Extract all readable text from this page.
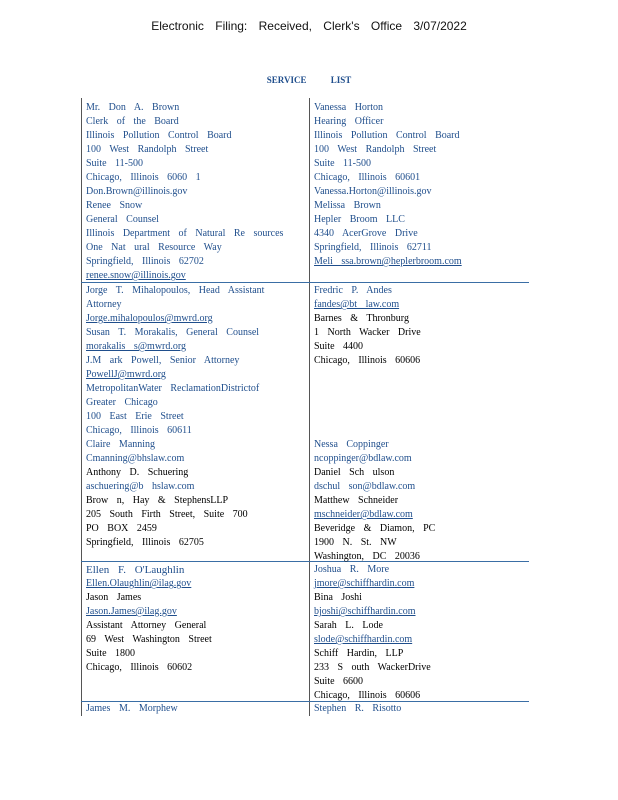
Electronic Filing: Received, Clerk's Office 3/07/2022
SERVICE LIST
Mr. Don A. Brown
Clerk of the Board
Illinois Pollution Control Board
100 West Randolph Street
Suite 11-500
Chicago, Illinois 6060 1
Don.Brown@illinois.gov
Renee Snow
General Counsel
Illinois Department of Natural Re sources
One Nat ural Resource Way
Springfield, Illinois 62702
renee.snow@illinois.gov
Vanessa Horton
Hearing Officer
Illinois Pollution Control Board
100 West Randolph Street
Suite 11-500
Chicago, Illinois 60601
Vanessa.Horton@illinois.gov
Melissa Brown
Hepler Broom LLC
4340 AcerGrove Drive
Springfield, Illinois 62711
Meli ssa.brown@heplerbroom.com
Jorge T. Mihalopoulos, Head Assistant
Attorney
Jorge.mihalopoulos@mwrd.org
Susan T. Morakalis, General Counsel
morakalis s@mwrd.org
J.M ark Powell, Senior Attorney
PowellJ@mwrd.org
MetropolitanWater ReclamationDistrictof
Greater Chicago
100 East Erie Street
Chicago, Illinois 60611
Claire Manning
Cmanning@bhslaw.com
Anthony D. Schuering
aschuering@b hslaw.com
Brow n, Hay & StephensLLP
205 South Firth Street, Suite 700
PO BOX 2459
Springfield, Illinois 62705
Fredric P. Andes
fandes@bt law.com
Barnes & Thronburg
1 North Wacker Drive
Suite 4400
Chicago, Illinois 60606
Nessa Coppinger
ncoppinger@bdlaw.com
Daniel Sch ulson
dschul son@bdlaw.com
Matthew Schneider
mschneider@bdlaw.com
Beveridge & Diamon, PC
1900 N. St. NW
Washington, DC 20036
Ellen F. O'Laughlin
Ellen.Olaughlin@ilag.gov
Jason James
Jason.James@ilag.gov
Assistant Attorney General
69 West Washington Street
Suite 1800
Chicago, Illinois 60602
Joshua R. More
jmore@schiffhardin.com
Bina Joshi
bjoshi@schiffhardin.com
Sarah L. Lode
slode@schiffhardin.com
Schiff Hardin, LLP
233 S outh WackerDrive
Suite 6600
Chicago, Illinois 60606
James M. Morphew	Stephen R. Risotto
